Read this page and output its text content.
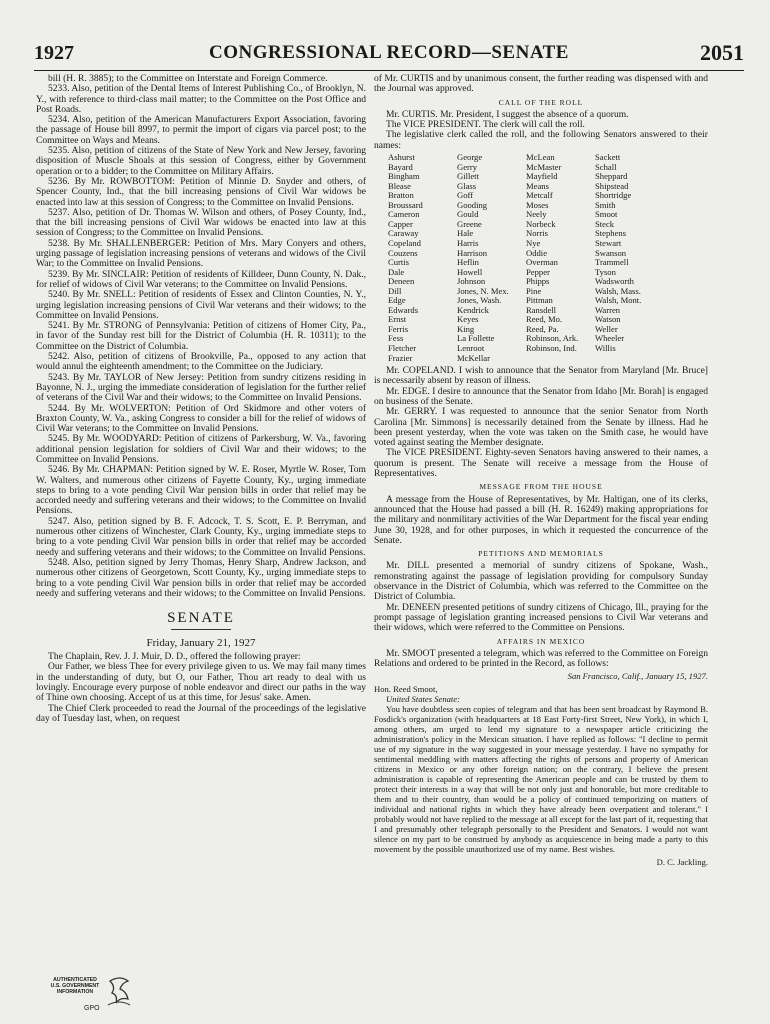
1927	CONGRESSIONAL RECORD—SENATE	2051

bill (H. R. 3885); to the Committee on Interstate and Foreign Commerce.

5233. Also, petition of the Dental Items of Interest Publishing Co., of Brooklyn, N. Y., with reference to third-class mail matter; to the Committee on the Post Office and Post Roads.

5234. Also, petition of the American Manufacturers Export Association, favoring the passage of House bill 8997, to permit the import of cigars via parcel post; to the Committee on Ways and Means.

5235. Also, petition of citizens of the State of New York and New Jersey, favoring disposition of Muscle Shoals at this session of Congress, either by Government operation or to a bidder; to the Committee on Military Affairs.

5236. By Mr. ROWBOTTOM: Petition of Minnie D. Snyder and others, of Spencer County, Ind., that the bill increasing pensions of Civil War widows be enacted into law at this session of Congress; to the Committee on Invalid Pensions.

5237. Also, petition of Dr. Thomas W. Wilson and others, of Posey County, Ind., that the bill increasing pensions of Civil War widows be enacted into law at this session of Congress; to the Committee on Invalid Pensions.

5238. By Mr. SHALLENBERGER: Petition of Mrs. Mary Conyers and others, urging passage of legislation increasing pensions of veterans and widows of the Civil War; to the Committee on Invalid Pensions.

5239. By Mr. SINCLAIR: Petition of residents of Killdeer, Dunn County, N. Dak., for relief of widows of Civil War veterans; to the Committee on Invalid Pensions.

5240. By Mr. SNELL: Petition of residents of Essex and Clinton Counties, N. Y., urging legislation increasing pensions of Civil War veterans and their widows; to the Committee on Invalid Pensions.

5241. By Mr. STRONG of Pennsylvania: Petition of citizens of Homer City, Pa., in favor of the Sunday rest bill for the District of Columbia (H. R. 10311); to the Committee on the District of Columbia.

5242. Also, petition of citizens of Brookville, Pa., opposed to any action that would annul the eighteenth amendment; to the Committee on the Judiciary.

5243. By Mr. TAYLOR of New Jersey: Petition from sundry citizens residing in Bayonne, N. J., urging the immediate consideration of legislation for the further relief of veterans of the Civil War and their widows; to the Committee on Invalid Pensions.

5244. By Mr. WOLVERTON: Petition of Ord Skidmore and other voters of Braxton County, W. Va., asking Congress to consider a bill for the relief of widows of Civil War veterans; to the Committee on Invalid Pensions.

5245. By Mr. WOODYARD: Petition of citizens of Parkersburg, W. Va., favoring additional pension legislation for soldiers of Civil War and their widows; to the Committee on Invalid Pensions.

5246. By Mr. CHAPMAN: Petition signed by W. E. Roser, Myrtle W. Roser, Tom W. Walters, and numerous other citizens of Fayette County, Ky., urging immediate steps to bring to a vote pending Civil War pension bills in order that relief may be accorded needy and suffering veterans and their widows; to the Committee on Invalid Pensions.

5247. Also, petition signed by B. F. Adcock, T. S. Scott, E. P. Berryman, and numerous other citizens of Winchester, Clark County, Ky., urging immediate steps to bring to a vote pending Civil War pension bills in order that relief may be accorded needy and suffering veterans and their widows; to the Committee on Invalid Pensions.

5248. Also, petition signed by Jerry Thomas, Henry Sharp, Andrew Jackson, and numerous other citizens of Georgetown, Scott County, Ky., urging immediate steps to bring to a vote pending Civil War pension bills in order that relief may be accorded needy and suffering veterans and their widows; to the Committee on Invalid Pensions.

SENATE
Friday, January 21, 1927

The Chaplain, Rev. J. J. Muir, D. D., offered the following prayer:

Our Father, we bless Thee for every privilege given to us. We may fail many times in the understanding of duty, but O, our Father, Thou art ready to deal with us lovingly. Encourage every purpose of noble endeavor and direct our paths in the way of Thine own choosing. Accept of us at this time, for Jesus' sake. Amen.

The Chief Clerk proceeded to read the Journal of the proceedings of the legislative day of Tuesday last, when, on request

of Mr. CURTIS and by unanimous consent, the further reading was dispensed with and the Journal was approved.

CALL OF THE ROLL

Mr. CURTIS. Mr. President, I suggest the absence of a quorum.

The VICE PRESIDENT. The clerk will call the roll.

The legislative clerk called the roll, and the following Senators answered to their names:

Ashurst
Bayard
Bingham
Blease
Bratton
Broussard
Cameron
Capper
Caraway
Copeland
Couzens
Curtis
Dale
Deneen
Dill
Edge
Edwards
Ernst
Ferris
Fess
Fletcher
Frazier
George
Gerry
Gillett
Glass
Goff
Gooding
Gould
Greene
Hale
Harris
Harrison
Heflin
Howell
Johnson
Jones, N. Mex.
Jones, Wash.
Kendrick
Keyes
King
La Follette
Lenroot
McKellar
McLean
McMaster
Mayfield
Means
Metcalf
Moses
Neely
Norbeck
Norris
Nye
Oddie
Overman
Pepper
Phipps
Pine
Pittman
Ransdell
Reed, Mo.
Reed, Pa.
Robinson, Ark.
Robinson, Ind.
Sackett
Schall
Sheppard
Shipstead
Shortridge
Smith
Smoot
Steck
Stephens
Stewart
Swanson
Trammell
Tyson
Wadsworth
Walsh, Mass.
Walsh, Mont.
Warren
Watson
Weller
Wheeler
Willis

Mr. COPELAND. I wish to announce that the Senator from Maryland [Mr. Bruce] is necessarily absent by reason of illness.

Mr. EDGE. I desire to announce that the Senator from Idaho [Mr. Borah] is engaged on business of the Senate.

Mr. GERRY. I was requested to announce that the senior Senator from North Carolina [Mr. Simmons] is necessarily detained from the Senate by illness. Had he been present yesterday, when the vote was taken on the Smith case, he would have voted against seating the Member designate.

The VICE PRESIDENT. Eighty-seven Senators having answered to their names, a quorum is present. The Senate will receive a message from the House of Representatives.

MESSAGE FROM THE HOUSE

A message from the House of Representatives, by Mr. Haltigan, one of its clerks, announced that the House had passed a bill (H. R. 16249) making appropriations for the military and nonmilitary activities of the War Department for the fiscal year ending June 30, 1928, and for other purposes, in which it requested the concurrence of the Senate.

PETITIONS AND MEMORIALS

Mr. DILL presented a memorial of sundry citizens of Spokane, Wash., remonstrating against the passage of legislation providing for compulsory Sunday observance in the District of Columbia, which was referred to the Committee on the District of Columbia.

Mr. DENEEN presented petitions of sundry citizens of Chicago, Ill., praying for the prompt passage of legislation granting increased pensions to Civil War veterans and their widows, which were referred to the Committee on Pensions.

AFFAIRS IN MEXICO

Mr. SMOOT presented a telegram, which was referred to the Committee on Foreign Relations and ordered to be printed in the Record, as follows:

San Francisco, Calif., January 15, 1927.
Hon. Reed Smoot,
United States Senate:

You have doubtless seen copies of telegram and that has been sent broadcast by Raymond B. Fosdick's organization (with headquarters at 18 East Forty-first Street, New York), in which I, among others, am urged to lend my signature to a newspaper article criticizing the administration's policy in the Mexican situation. I have replied as follows: "I decline to permit use of my signature in the way suggested in your message yesterday. I have no sympathy for sentimental meddling with matters affecting the rights of persons and property of American citizens in Mexico or any other foreign nation; on the contrary, I believe the present administration is capable of representing the American people and can be trusted by them to protect their interests in a way that will be not only just and honorable, but more creditable to them and to their country, than would be a policy of continued temporizing on matters of individual and national rights in which they have already been overpatient and tolerant." I probably would not have replied to the message at all except for the last part of it, requesting that I and presumably other telegraph personally to the President and Senators. I would not want silence on my part to be construed by anybody as acquiescence in being made a party to this movement by the possible unauthorized use of my name. Best wishes.

D. C. Jackling.
AUTHENTICATED
U.S. GOVERNMENT
INFORMATION
GPO
